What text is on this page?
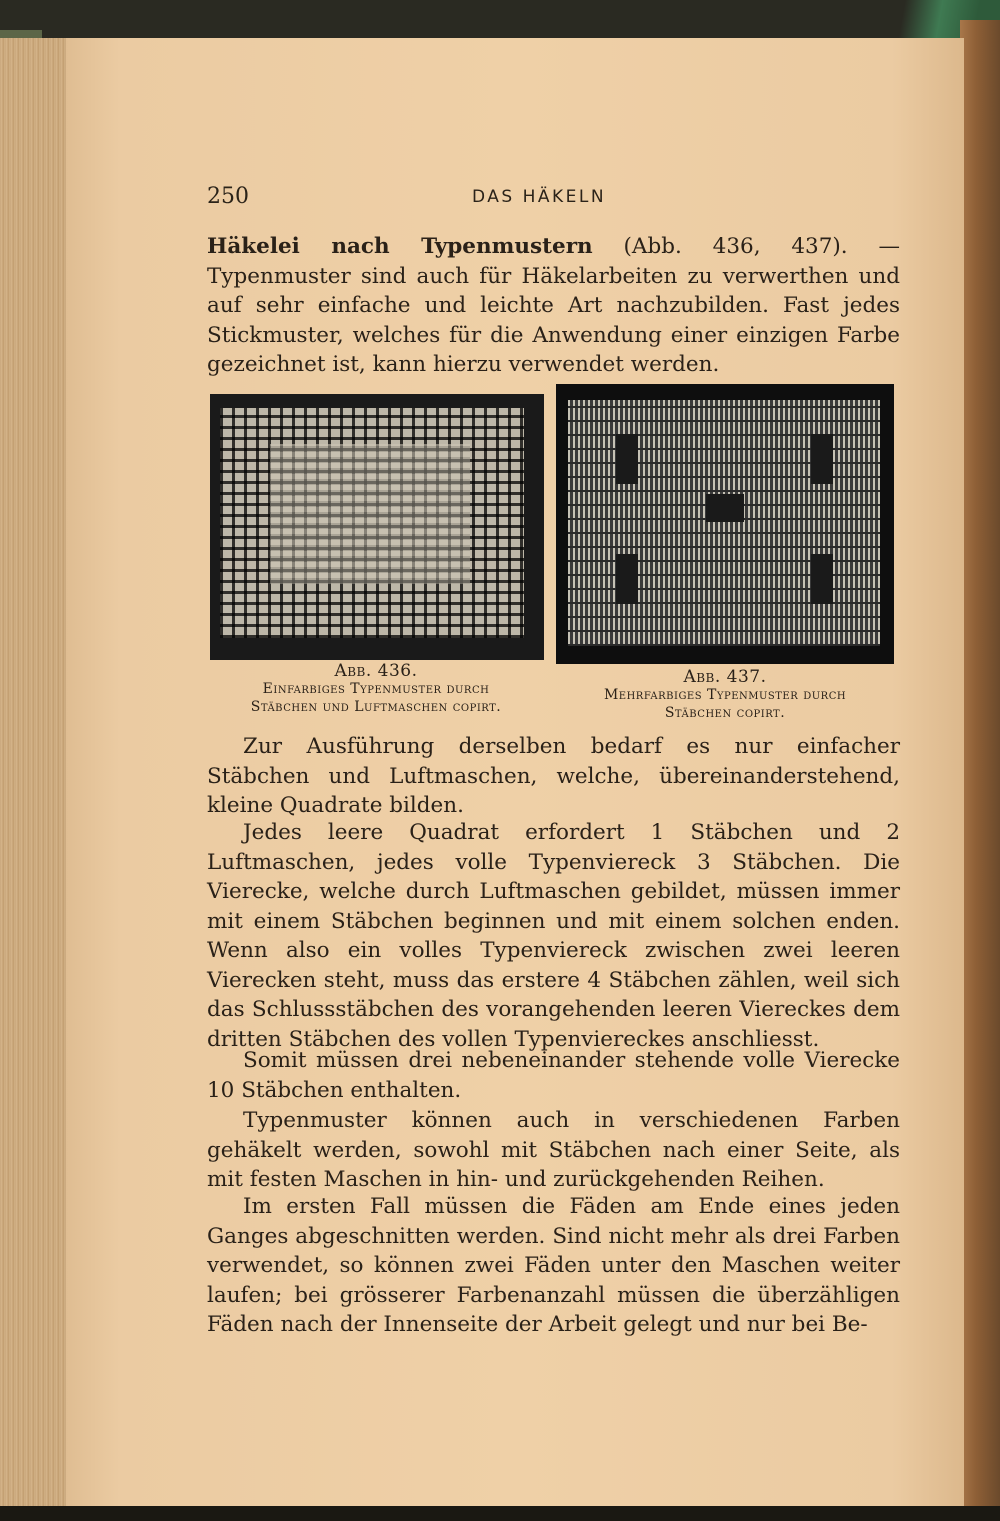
250	DAS HÄKELN
Häkelei nach Typenmustern (Abb. 436, 437). — Typenmuster sind auch für Häkelarbeiten zu verwerthen und auf sehr einfache und leichte Art nachzubilden. Fast jedes Stickmuster, welches für die Anwendung einer einzigen Farbe gezeichnet ist, kann hierzu verwendet werden.
Abb. 436.
Einfarbiges Typenmuster durch
Stäbchen und Luftmaschen copirt.
Abb. 437.
Mehrfarbiges Typenmuster durch
Stäbchen copirt.
Zur Ausführung derselben bedarf es nur einfacher Stäbchen und Luftmaschen, welche, übereinanderstehend, kleine Quadrate bilden.
Jedes leere Quadrat erfordert 1 Stäbchen und 2 Luftmaschen, jedes volle Typenviereck 3 Stäbchen. Die Vierecke, welche durch Luftmaschen gebildet, müssen immer mit einem Stäbchen beginnen und mit einem solchen enden. Wenn also ein volles Typenviereck zwischen zwei leeren Vierecken steht, muss das erstere 4 Stäbchen zählen, weil sich das Schlussstäbchen des vorangehenden leeren Viereckes dem dritten Stäbchen des vollen Typenviereckes anschliesst.
Somit müssen drei nebeneinander stehende volle Vierecke 10 Stäbchen enthalten.
Typenmuster können auch in verschiedenen Farben gehäkelt werden, sowohl mit Stäbchen nach einer Seite, als mit festen Maschen in hin- und zurückgehenden Reihen.
Im ersten Fall müssen die Fäden am Ende eines jeden Ganges abgeschnitten werden. Sind nicht mehr als drei Farben verwendet, so können zwei Fäden unter den Maschen weiter laufen; bei grösserer Farbenanzahl müssen die überzähligen Fäden nach der Innenseite der Arbeit gelegt und nur bei Be-
